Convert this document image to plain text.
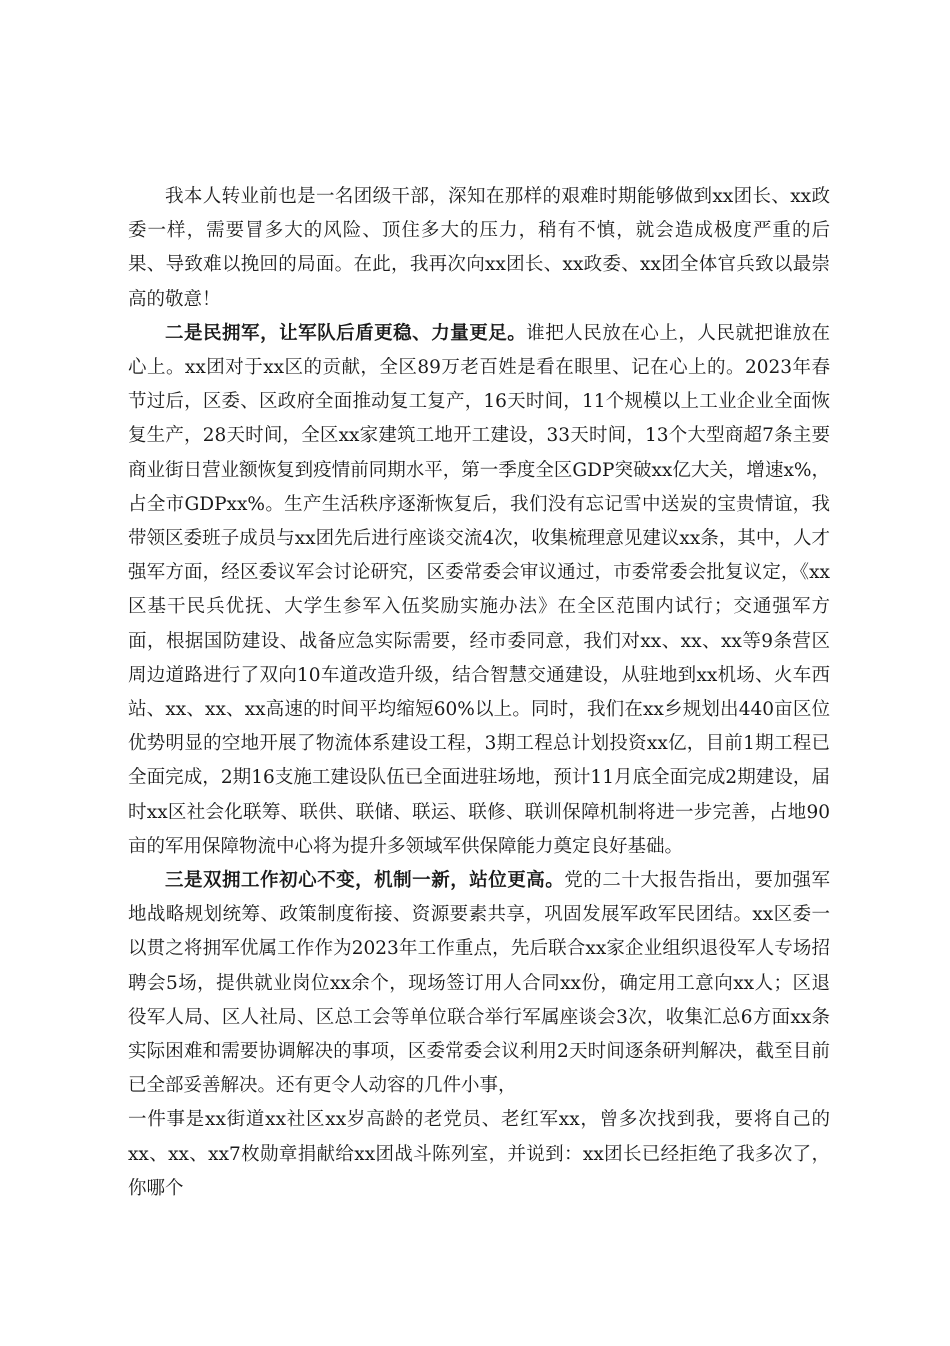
我本人转业前也是一名团级干部，深知在那样的艰难时期能够做到xx团长、xx政委一样，需要冒多大的风险、顶住多大的压力，稍有不慎，就会造成极度严重的后果、导致难以挽回的局面。在此，我再次向xx团长、xx政委、xx团全体官兵致以最崇高的敬意！

二是民拥军，让军队后盾更稳、力量更足。谁把人民放在心上，人民就把谁放在心上。xx团对于xx区的贡献，全区89万老百姓是看在眼里、记在心上的。2023年春节过后，区委、区政府全面推动复工复产，16天时间，11个规模以上工业企业全面恢复生产，28天时间，全区xx家建筑工地开工建设，33天时间，13个大型商超7条主要商业街日营业额恢复到疫情前同期水平，第一季度全区GDP突破xx亿大关，增速x%，占全市GDPxx%。生产生活秩序逐渐恢复后，我们没有忘记雪中送炭的宝贵情谊，我带领区委班子成员与xx团先后进行座谈交流4次，收集梳理意见建议xx条，其中，人才强军方面，经区委议军会讨论研究，区委常委会审议通过，市委常委会批复议定，《xx区基干民兵优抚、大学生参军入伍奖励实施办法》在全区范围内试行；交通强军方面，根据国防建设、战备应急实际需要，经市委同意，我们对xx、xx、xx等9条营区周边道路进行了双向10车道改造升级，结合智慧交通建设，从驻地到xx机场、火车西站、xx、xx、xx高速的时间平均缩短60%以上。同时，我们在xx乡规划出440亩区位优势明显的空地开展了物流体系建设工程，3期工程总计划投资xx亿，目前1期工程已全面完成，2期16支施工建设队伍已全面进驻场地，预计11月底全面完成2期建设，届时xx区社会化联筹、联供、联储、联运、联修、联训保障机制将进一步完善，占地90亩的军用保障物流中心将为提升多领域军供保障能力奠定良好基础。

三是双拥工作初心不变，机制一新，站位更高。党的二十大报告指出，要加强军地战略规划统筹、政策制度衔接、资源要素共享，巩固发展军政军民团结。xx区委一以贯之将拥军优属工作作为2023年工作重点，先后联合xx家企业组织退役军人专场招聘会5场，提供就业岗位xx余个，现场签订用人合同xx份，确定用工意向xx人；区退役军人局、区人社局、区总工会等单位联合举行军属座谈会3次，收集汇总6方面xx条实际困难和需要协调解决的事项，区委常委会议利用2天时间逐条研判解决，截至目前已全部妥善解决。还有更令人动容的几件小事，

一件事是xx街道xx社区xx岁高龄的老党员、老红军xx，曾多次找到我，要将自己的xx、xx、xx7枚勋章捐献给xx团战斗陈列室，并说到：xx团长已经拒绝了我多次了，你哪个
